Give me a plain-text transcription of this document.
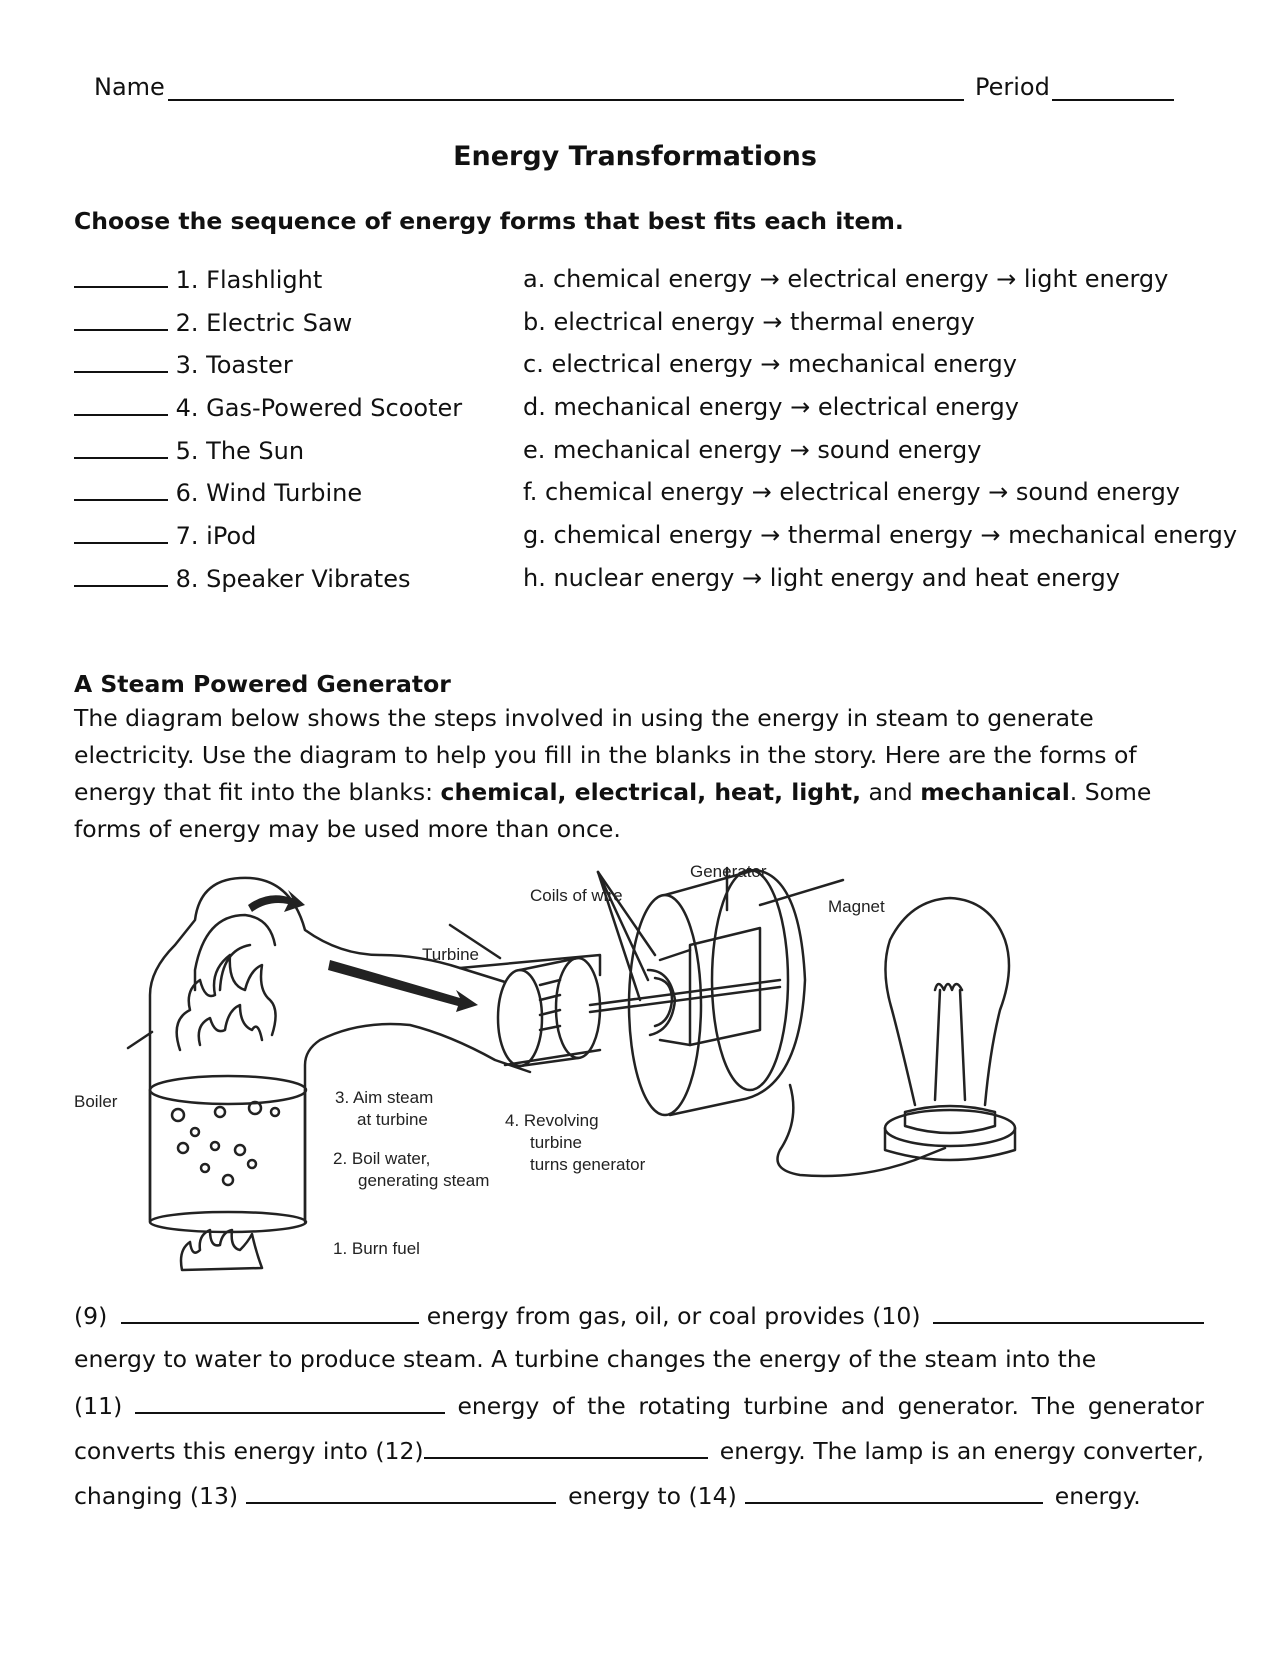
Name	Period
Energy Transformations
Choose the sequence of energy forms that best fits each item.
1. Flashlight
2. Electric Saw
3. Toaster
4. Gas-Powered Scooter
5. The Sun
6. Wind Turbine
7. iPod
8. Speaker Vibrates
a. chemical energy → electrical energy → light energy
b. electrical energy → thermal energy
c. electrical energy → mechanical energy
d. mechanical energy → electrical energy
e. mechanical energy → sound energy
f. chemical energy → electrical energy → sound energy
g. chemical energy → thermal energy → mechanical energy
h. nuclear energy → light energy and heat energy
A Steam Powered Generator
The diagram below shows the steps involved in using the energy in steam to generate electricity. Use the diagram to help you fill in the blanks in the story. Here are the forms of energy that fit into the blanks: chemical, electrical, heat, light, and mechanical. Some forms of energy may be used more than once.
Generator
Coils of wire
Magnet
Turbine
Boiler	3. Aim steam
at turbine	4. Revolving
turbine
turns generator
2. Boil water,
generating steam
1. Burn fuel
(9)	energy from gas, oil, or coal provides (10)
energy to water to produce steam. A turbine changes the energy of the steam into the
(11)	energy of the rotating turbine and generator. The generator
converts this energy into (12)	energy. The lamp is an energy converter,
changing (13)	energy to (14)	energy.
